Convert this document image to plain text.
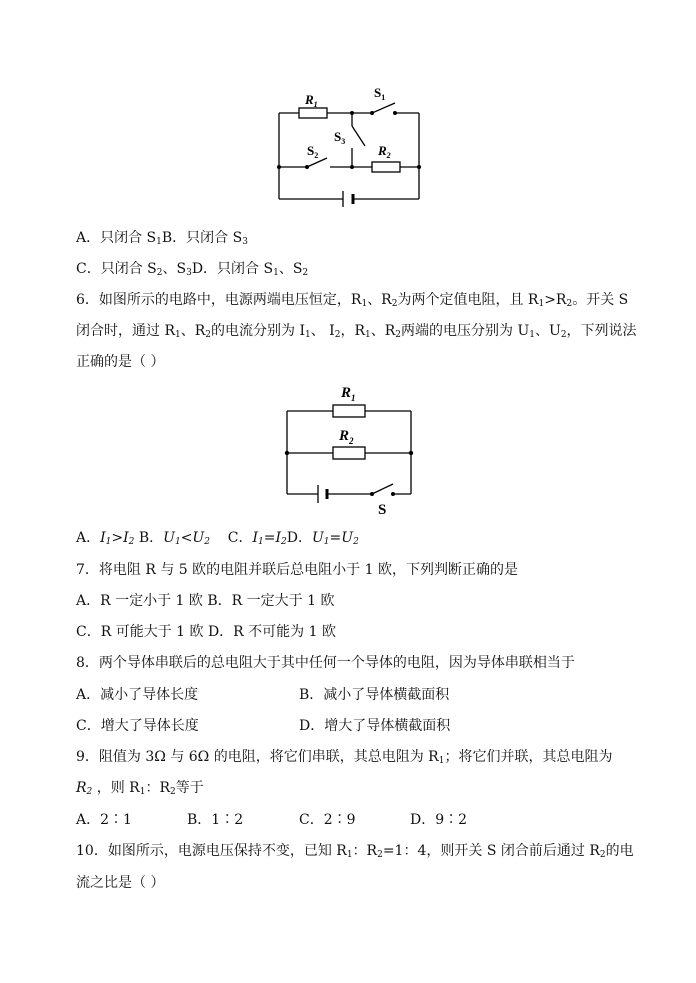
$R_1$
$S_1$
$S_3$
$S_2$	$R_2$
A．只闭合 $S_1B$．只闭合 $S_3$
C．只闭合 $S_2$、$S_3D$．只闭合 $S_1$、$S_2$
6．如图所示的电路中，电源两端电压恒定，$R_1$、$R_2$为两个定值电阻，且 $R_1>R_2$。开关 S
闭合时，通过 $R_1$、$R_2$的电流分别为 $I_1$、 $I_2$，$R_1$、$R_2$两端的电压分别为 $U_1$、$U_2$，下列说法
正确的是（ ）
$R_1$
$R_2$
S
A．$I_1>I_2$ B．$U_1<U_2$ C．$I_1=I_2D$．$U_1=U_2$
7．将电阻 R 与 5 欧的电阻并联后总电阻小于 1 欧，下列判断正确的是
A．R 一定小于 1 欧 B．R 一定大于 1 欧
C．R 可能大于 1 欧 D．R 不可能为 1 欧
8．两个导体串联后的总电阻大于其中任何一个导体的电阻，因为导体串联相当于
A．减小了导体长度	B．减小了导体横截面积
C．增大了导体长度	D．增大了导体横截面积
9．阻值为 3Ω 与 6Ω 的电阻，将它们串联，其总电阻为 $R_1$；将它们并联，其总电阻为
$R_2$ ，则 $R_1$：$R_2$等于
A．2∶1	B．1∶2	C．2∶9	D．9∶2
10．如图所示，电源电压保持不变，已知 $R_1$：$R_2=1$：4，则开关 S 闭合前后通过 $R_2$的电
流之比是（ ）
